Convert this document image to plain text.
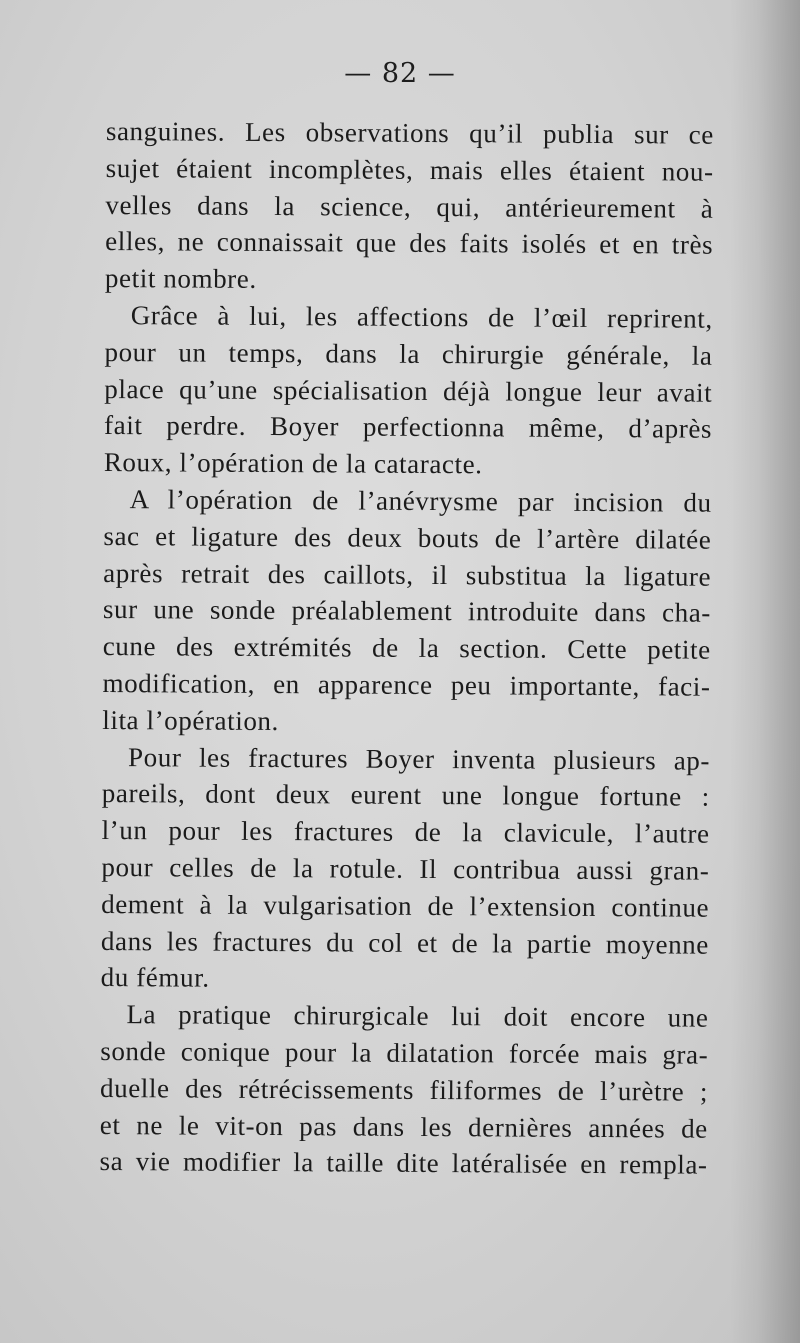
— 82 —
sanguines. Les observations qu’il publia sur ce
sujet étaient incomplètes, mais elles étaient nou-
velles dans la science, qui, antérieurement à
elles, ne connaissait que des faits isolés et en très
petit nombre.
Grâce à lui, les affections de l’œil reprirent,
pour un temps, dans la chirurgie générale, la
place qu’une spécialisation déjà longue leur avait
fait perdre. Boyer perfectionna même, d’après
Roux, l’opération de la cataracte.
A l’opération de l’anévrysme par incision du
sac et ligature des deux bouts de l’artère dilatée
après retrait des caillots, il substitua la ligature
sur une sonde préalablement introduite dans cha-
cune des extrémités de la section. Cette petite
modification, en apparence peu importante, faci-
lita l’opération.
Pour les fractures Boyer inventa plusieurs ap-
pareils, dont deux eurent une longue fortune :
l’un pour les fractures de la clavicule, l’autre
pour celles de la rotule. Il contribua aussi gran-
dement à la vulgarisation de l’extension continue
dans les fractures du col et de la partie moyenne
du fémur.
La pratique chirurgicale lui doit encore une
sonde conique pour la dilatation forcée mais gra-
duelle des rétrécissements filiformes de l’urètre ;
et ne le vit-on pas dans les dernières années de
sa vie modifier la taille dite latéralisée en rempla-
